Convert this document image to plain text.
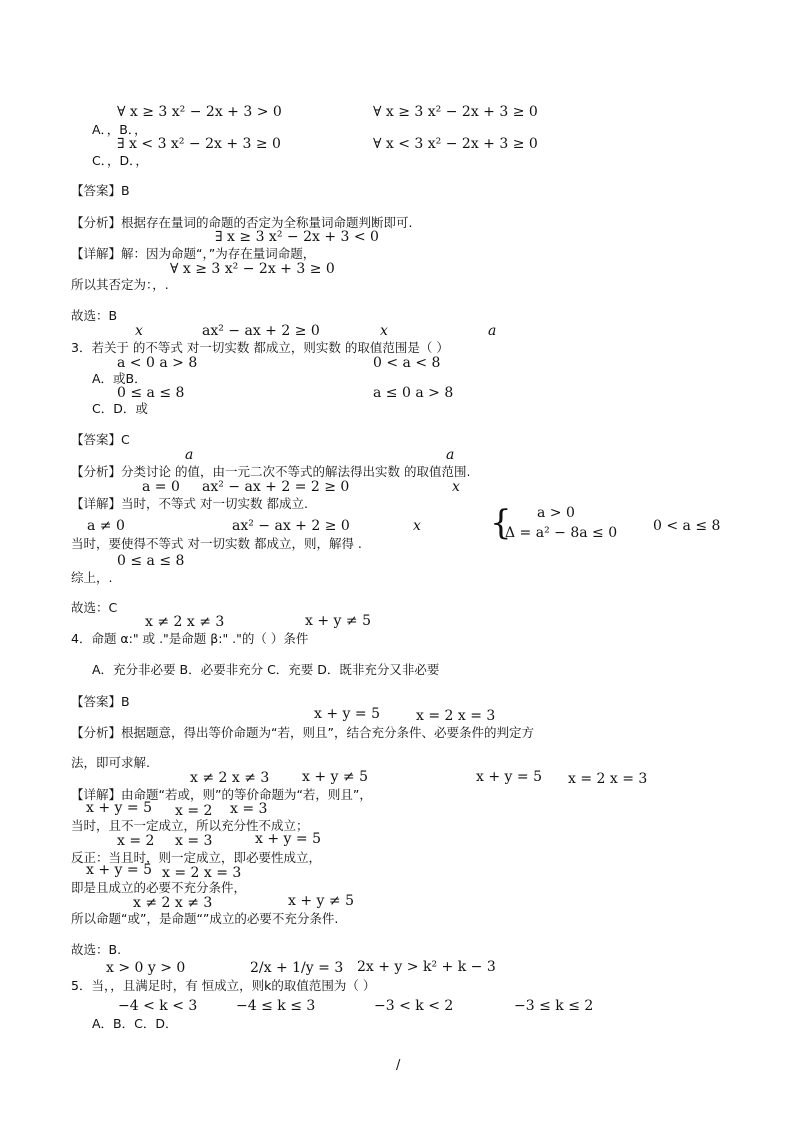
∀ x ≥ 3 x² − 2x + 3 > 0	∀ x ≥ 3 x² − 2x + 3 ≥ 0
A．，B．，
∃ x < 3 x² − 2x + 3 ≥ 0	∀ x < 3 x² − 2x + 3 ≥ 0
C．，D．，
【答案】B
【分析】根据存在量词的命题的否定为全称量词命题判断即可.
∃ x ≥ 3 x² − 2x + 3 < 0
【详解】解：因为命题“，”为存在量词命题，
∀ x ≥ 3 x² − 2x + 3 ≥ 0
所以其否定为：，.
故选：B
x	ax² − ax + 2 ≥ 0	x	a
3．若关于 的不等式 对一切实数 都成立，则实数 的取值范围是（ ）
a < 0 a > 8	0 < a < 8
A．或B．
0 ≤ a ≤ 8	a ≤ 0 a > 8
C．D．或
【答案】C
a	a
【分析】分类讨论 的值，由一元二次不等式的解法得出实数 的取值范围.
a = 0 ax² − ax + 2 = 2 ≥ 0	x
【详解】当时，不等式 对一切实数 都成立.
a ≠ 0	ax² − ax + 2 ≥ 0	x { a > 0
Δ = a² − 8a ≤ 0	0 < a ≤ 8
当时，要使得不等式 对一切实数 都成立，则，解得 .
0 ≤ a ≤ 8
综上，.
故选：C
x ≠ 2 x ≠ 3	x + y ≠ 5
4．命题 α:" 或 ."是命题 β:" ."的（ ）条件
A．充分非必要 B．必要非充分 C．充要 D．既非充分又非必要
【答案】B
x + y = 5	x = 2 x = 3
【分析】根据题意，得出等价命题为“若，则且”，结合充分条件、必要条件的判定方
法，即可求解.
x ≠ 2 x ≠ 3 x + y ≠ 5	x + y = 5 x = 2 x = 3
【详解】由命题“若或，则”的等价命题为“若，则且”，
x + y = 5 x = 2 x = 3
当时，且不一定成立，所以充分性不成立；
x = 2 x = 3	x + y = 5
反正：当且时，则一定成立，即必要性成立，
x + y = 5 x = 2 x = 3
即是且成立的必要不充分条件，
x ≠ 2 x ≠ 3	x + y ≠ 5
所以命题“或”，是命题“”成立的必要不充分条件.
故选：B.
x > 0 y > 0	2/x + 1/y = 3 2x + y > k² + k − 3
5．当，，且满足时，有 恒成立，则k的取值范围为（ ）
−4 < k < 3	−4 ≤ k ≤ 3	−3 < k < 2	−3 ≤ k ≤ 2
A．B．C．D．
/
